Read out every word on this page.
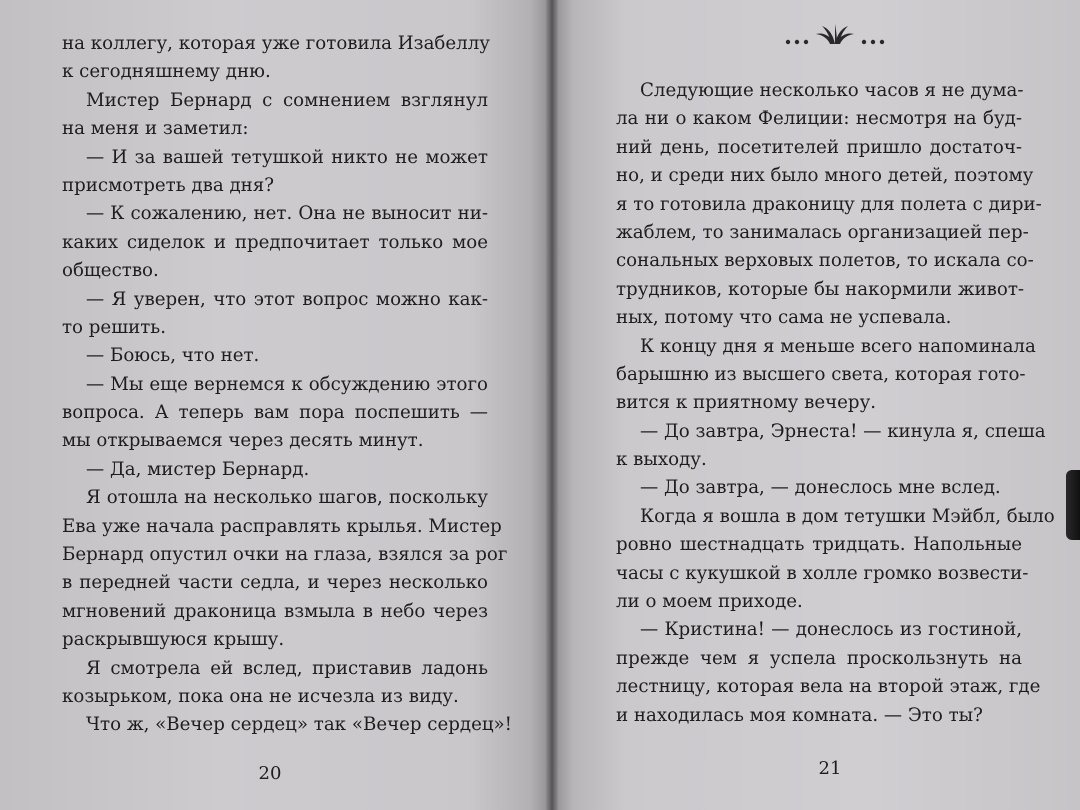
на коллегу, которая уже готовила Изабеллу
к сегодняшнему дню.
Мистер Бернард с сомнением взглянул
на меня и заметил:
— И за вашей тетушкой никто не может
присмотреть два дня?
— К сожалению, нет. Она не выносит ни-
каких сиделок и предпочитает только мое
общество.
— Я уверен, что этот вопрос можно как-
то решить.
— Боюсь, что нет.
— Мы еще вернемся к обсуждению этого
вопроса. А теперь вам пора поспешить —
мы открываемся через десять минут.
— Да, мистер Бернард.
Я отошла на несколько шагов, поскольку
Ева уже начала расправлять крылья. Мистер
Бернард опустил очки на глаза, взялся за рог
в передней части седла, и через несколько
мгновений драконица взмыла в небо через
раскрывшуюся крышу.
Я смотрела ей вслед, приставив ладонь
козырьком, пока она не исчезла из виду.
Что ж, «Вечер сердец» так «Вечер сердец»!
20
Следующие несколько часов я не дума-
ла ни о каком Фелиции: несмотря на буд-
ний день, посетителей пришло достаточ-
но, и среди них было много детей, поэтому
я то готовила драконицу для полета с дири-
жаблем, то занималась организацией пер-
сональных верховых полетов, то искала со-
трудников, которые бы накормили живот-
ных, потому что сама не успевала.
К концу дня я меньше всего напоминала
барышню из высшего света, которая гото-
вится к приятному вечеру.
— До завтра, Эрнеста! — кинула я, спеша
к выходу.
— До завтра, — донеслось мне вслед.
Когда я вошла в дом тетушки Мэйбл, было
ровно шестнадцать тридцать. Напольные
часы с кукушкой в холле громко возвести-
ли о моем приходе.
— Кристина! — донеслось из гостиной,
прежде чем я успела проскользнуть на
лестницу, которая вела на второй этаж, где
и находилась моя комната. — Это ты?
21
